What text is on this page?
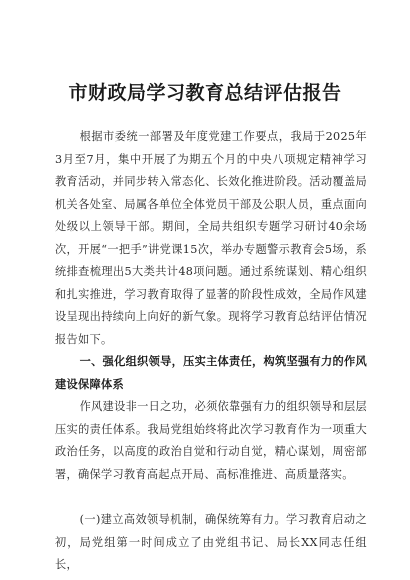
市财政局学习教育总结评估报告

根据市委统一部署及年度党建工作要点，我局于2025年3月至7月，集中开展了为期五个月的中央八项规定精神学习教育活动，并同步转入常态化、长效化推进阶段。活动覆盖局机关各处室、局属各单位全体党员干部及公职人员，重点面向处级以上领导干部。期间，全局共组织专题学习研讨40余场次，开展“一把手”讲党课15次，举办专题警示教育会5场，系统排查梳理出5大类共计48项问题。通过系统谋划、精心组织和扎实推进，学习教育取得了显著的阶段性成效，全局作风建设呈现出持续向上向好的新气象。现将学习教育总结评估情况报告如下。

一、强化组织领导，压实主体责任，构筑坚强有力的作风建设保障体系

作风建设非一日之功，必须依靠强有力的组织领导和层层压实的责任体系。我局党组始终将此次学习教育作为一项重大政治任务，以高度的政治自觉和行动自觉，精心谋划，周密部署，确保学习教育高起点开局、高标准推进、高质量落实。

(一)建立高效领导机制，确保统筹有力。学习教育启动之初，局党组第一时间成立了由党组书记、局长XX同志任组长，
